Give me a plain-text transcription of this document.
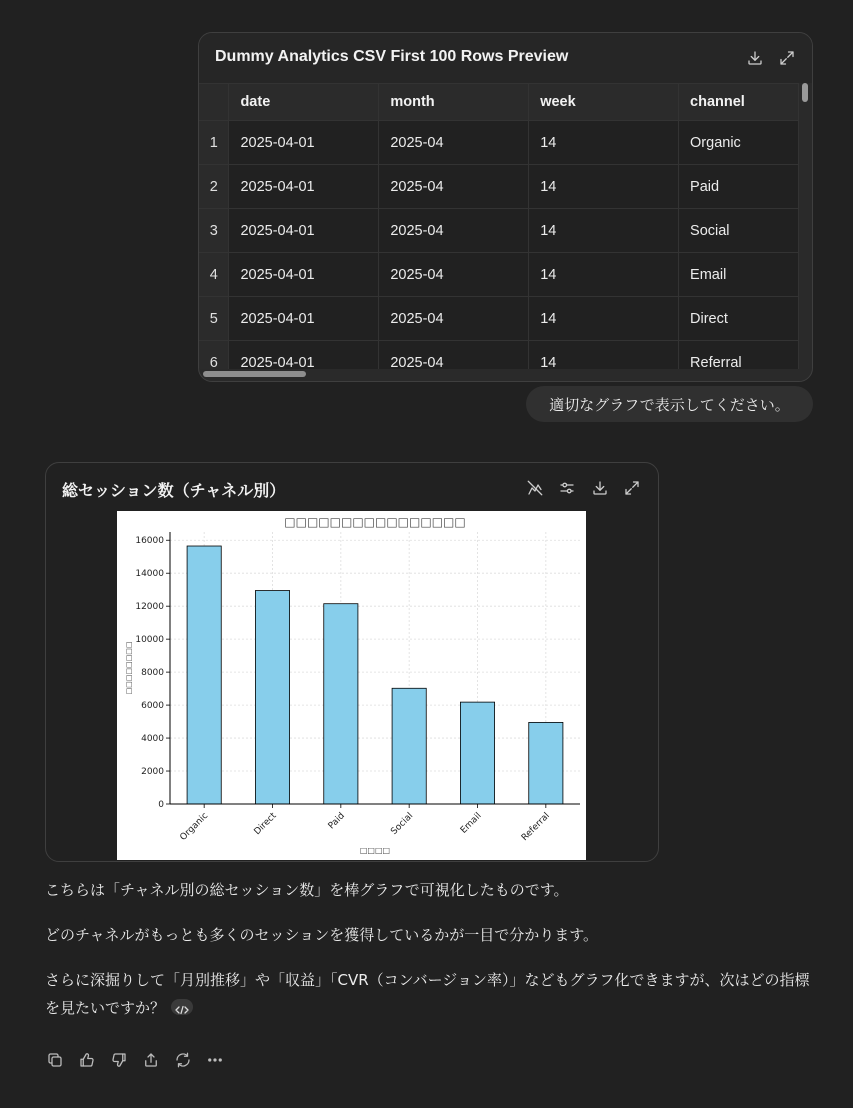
Dummy Analytics CSV First 100 Rows Preview
	date	month	week	channel
1	2025-04-01	2025-04	14	Organic
2	2025-04-01	2025-04	14	Paid
3	2025-04-01	2025-04	14	Social
4	2025-04-01	2025-04	14	Email
5	2025-04-01	2025-04	14	Direct
6	2025-04-01	2025-04	14	Referral
適切なグラフで表示してください。
総セッション数（チャネル別）
0
2000
4000
6000
8000
10000
12000
14000
16000
Organic	Direct	Paid	Social	Email	Referral
□□□□□□□□□□□□□□□□
□□□□
□□□□□□□□
こちらは「チャネル別の総セッション数」を棒グラフで可視化したものです。
どのチャネルがもっとも多くのセッションを獲得しているかが一目で分かります。
さらに深掘りして「月別推移」や「収益」「CVR（コンバージョン率）」などもグラフ化できますが、次はどの指標を見たいですか？
